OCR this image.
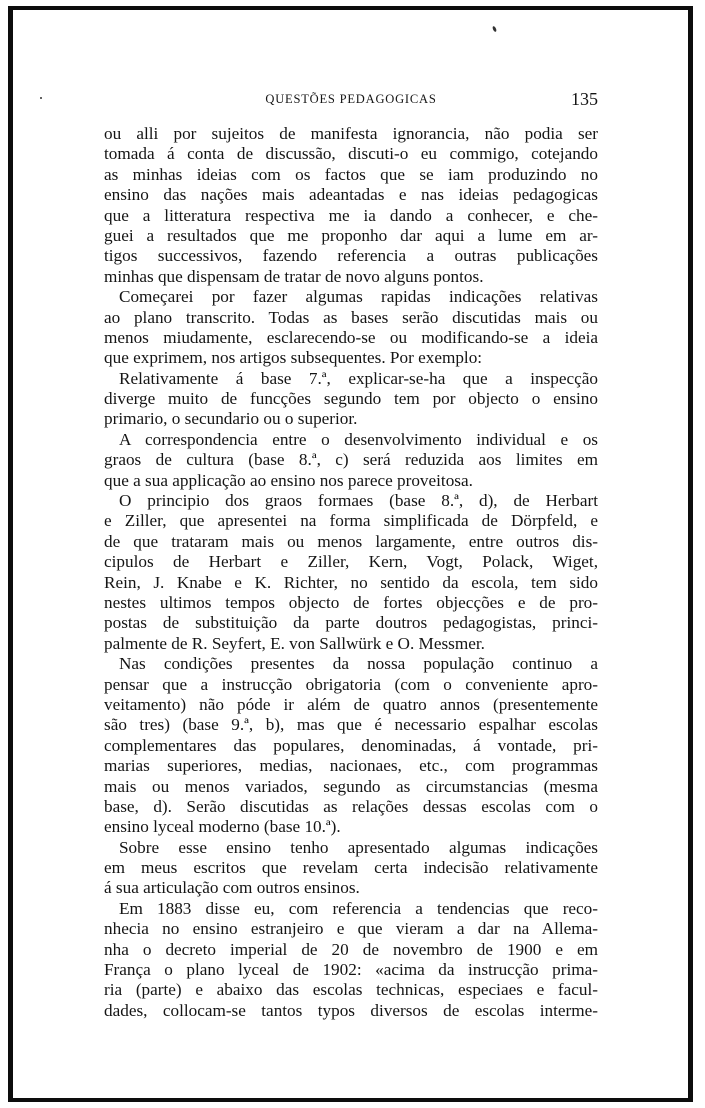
QUESTÕES PEDAGOGICAS	135
ou alli por sujeitos de manifesta ignorancia, não podia ser
tomada á conta de discussão, discuti-o eu commigo, cotejando
as minhas ideias com os factos que se iam produzindo no
ensino das nações mais adeantadas e nas ideias pedagogicas
que a litteratura respectiva me ia dando a conhecer, e che-
guei a resultados que me proponho dar aqui a lume em ar-
tigos successivos, fazendo referencia a outras publicações
minhas que dispensam de tratar de novo alguns pontos.
Começarei por fazer algumas rapidas indicações relativas
ao plano transcrito. Todas as bases serão discutidas mais ou
menos miudamente, esclarecendo-se ou modificando-se a ideia
que exprimem, nos artigos subsequentes. Por exemplo:
Relativamente á base 7.ª, explicar-se-ha que a inspecção
diverge muito de funcções segundo tem por objecto o ensino
primario, o secundario ou o superior.
A correspondencia entre o desenvolvimento individual e os
graos de cultura (base 8.ª, c) será reduzida aos limites em
que a sua applicação ao ensino nos parece proveitosa.
O principio dos graos formaes (base 8.ª, d), de Herbart
e Ziller, que apresentei na forma simplificada de Dörpfeld, e
de que trataram mais ou menos largamente, entre outros dis-
cipulos de Herbart e Ziller, Kern, Vogt, Polack, Wiget,
Rein, J. Knabe e K. Richter, no sentido da escola, tem sido
nestes ultimos tempos objecto de fortes objecções e de pro-
postas de substituição da parte doutros pedagogistas, princi-
palmente de R. Seyfert, E. von Sallwürk e O. Messmer.
Nas condições presentes da nossa população continuo a
pensar que a instrucção obrigatoria (com o conveniente apro-
veitamento) não póde ir além de quatro annos (presentemente
são tres) (base 9.ª, b), mas que é necessario espalhar escolas
complementares das populares, denominadas, á vontade, pri-
marias superiores, medias, nacionaes, etc., com programmas
mais ou menos variados, segundo as circumstancias (mesma
base, d). Serão discutidas as relações dessas escolas com o
ensino lyceal moderno (base 10.ª).
Sobre esse ensino tenho apresentado algumas indicações
em meus escritos que revelam certa indecisão relativamente
á sua articulação com outros ensinos.
Em 1883 disse eu, com referencia a tendencias que reco-
nhecia no ensino estranjeiro e que vieram a dar na Allema-
nha o decreto imperial de 20 de novembro de 1900 e em
França o plano lyceal de 1902: «acima da instrucção prima-
ria (parte) e abaixo das escolas technicas, especiaes e facul-
dades, collocam-se tantos typos diversos de escolas interme-
